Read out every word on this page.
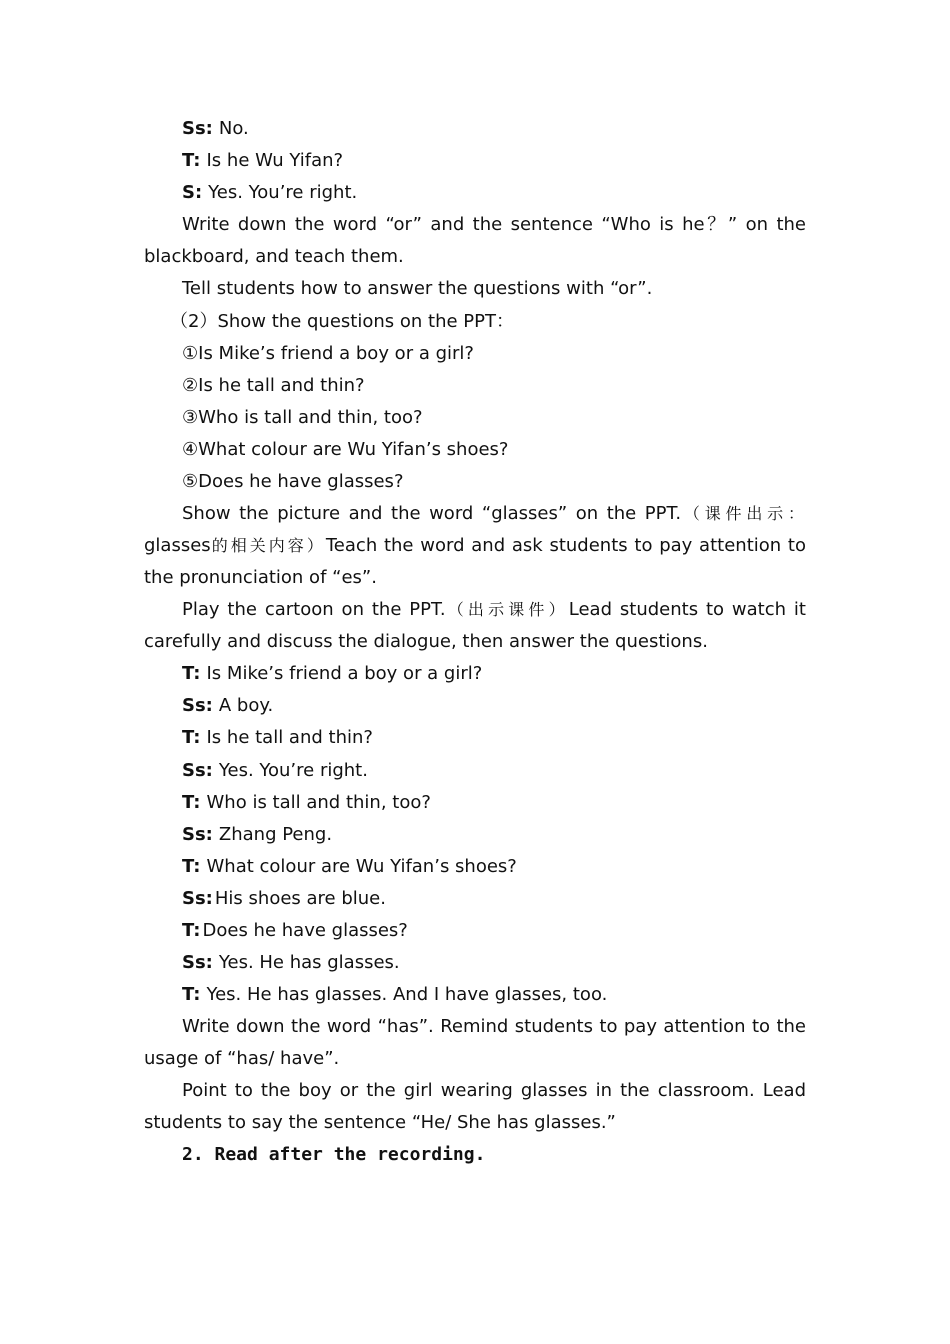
Ss: No.
T: Is he Wu Yifan?
S: Yes. You’re right.
Write down the word “or” and the sentence “Who is he？” on the
blackboard, and teach them.
Tell students how to answer the questions with “or”.
（2）Show the questions on the PPT：
①Is Mike’s friend a boy or a girl?
②Is he tall and thin?
③Who is tall and thin, too?
④What colour are Wu Yifan’s shoes?
⑤Does he have glasses?
Show the picture and the word “glasses” on the PPT.（课件出示：
glasses的相关内容）Teach the word and ask students to pay attention to
the pronunciation of “es”.
Play the cartoon on the PPT.（出示课件）Lead students to watch it
carefully and discuss the dialogue, then answer the questions.
T: Is Mike’s friend a boy or a girl?
Ss: A boy.
T: Is he tall and thin?
Ss: Yes. You’re right.
T: Who is tall and thin, too?
Ss: Zhang Peng.
T: What colour are Wu Yifan’s shoes?
Ss: His shoes are blue.
T: Does he have glasses?
Ss: Yes. He has glasses.
T: Yes. He has glasses. And I have glasses, too.
Write down the word “has”. Remind students to pay attention to the
usage of “has/ have”.
Point to the boy or the girl wearing glasses in the classroom. Lead
students to say the sentence “He/ She has glasses.”
2. Read after the recording.
